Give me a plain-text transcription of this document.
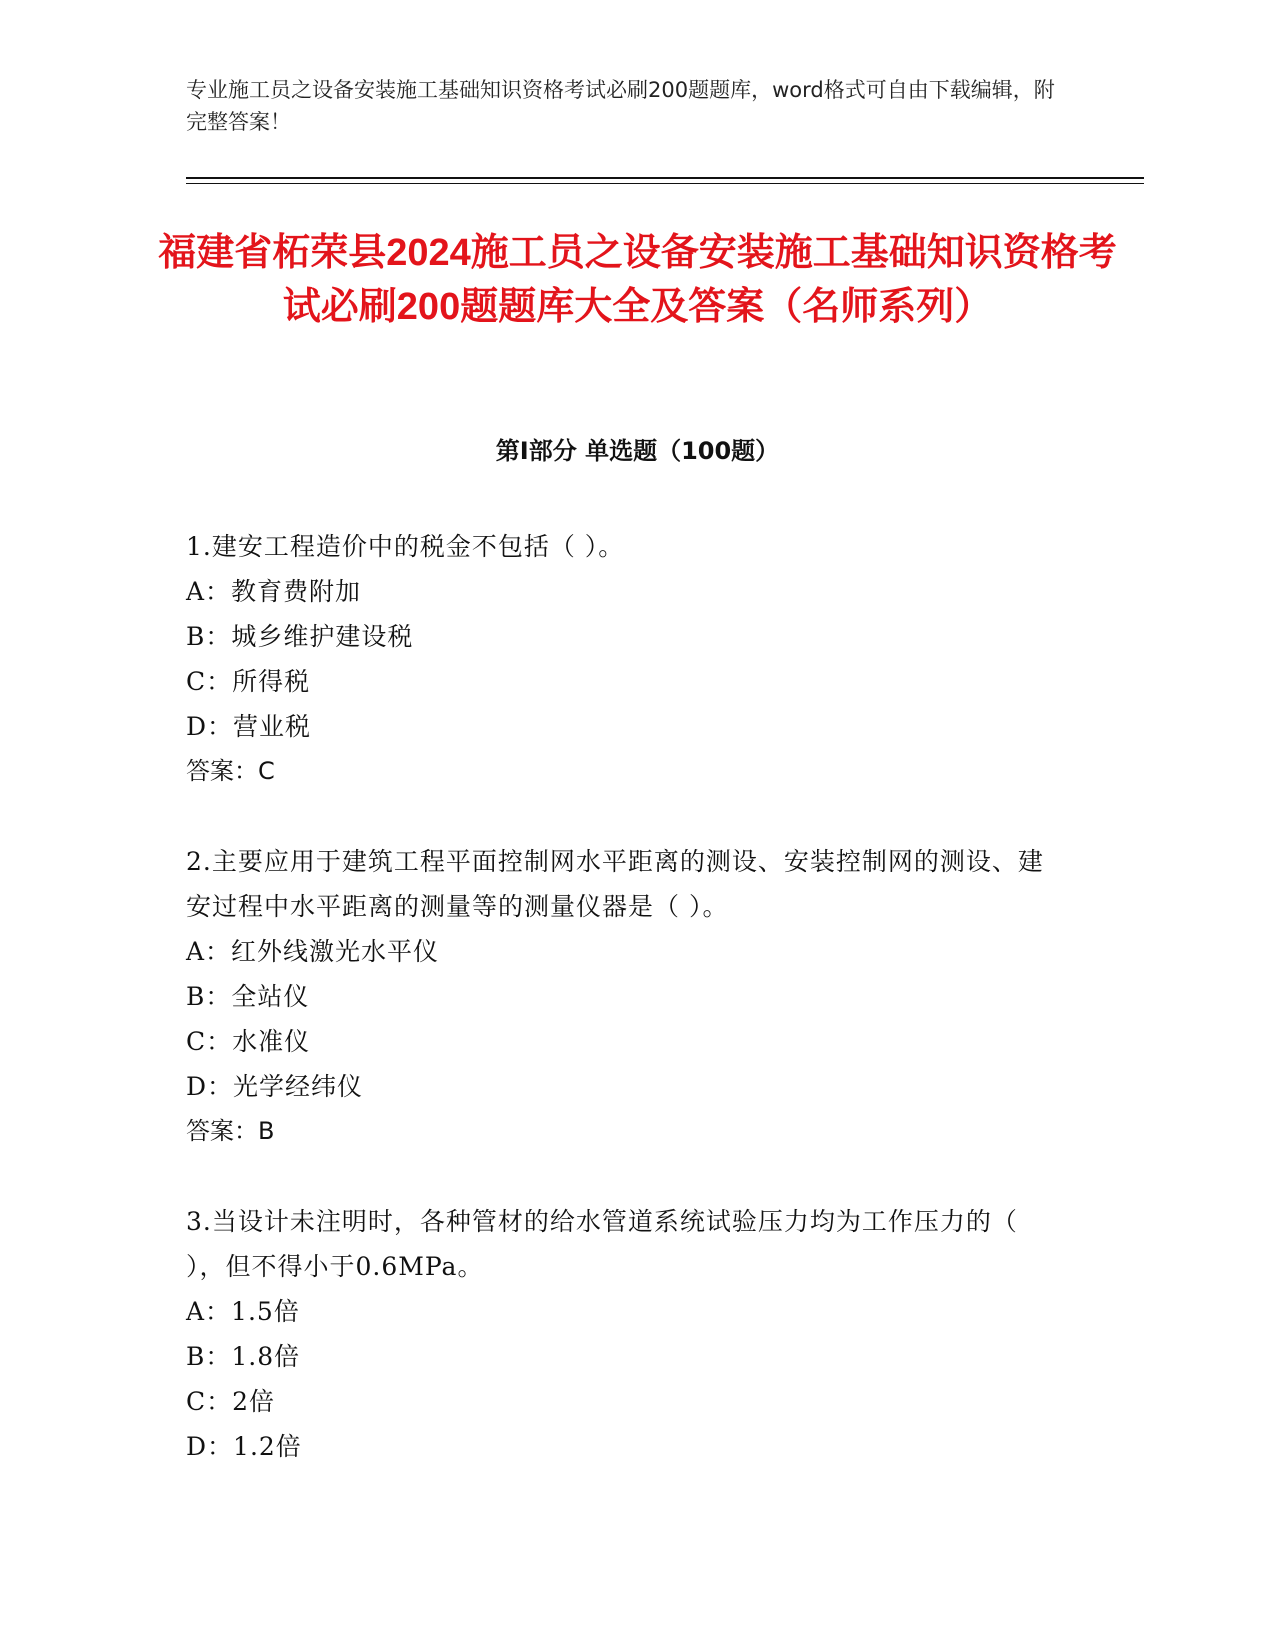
专业施工员之设备安装施工基础知识资格考试必刷200题题库，word格式可自由下载编辑，附完整答案！
福建省柘荣县2024施工员之设备安装施工基础知识资格考试必刷200题题库大全及答案（名师系列）
第Ⅰ部分 单选题（100题）
1.建安工程造价中的税金不包括（ ）。
A：教育费附加
B：城乡维护建设税
C：所得税
D：营业税
答案：C
2.主要应用于建筑工程平面控制网水平距离的测设、安装控制网的测设、建安过程中水平距离的测量等的测量仪器是（ ）。
A：红外线激光水平仪
B：全站仪
C：水准仪
D：光学经纬仪
答案：B
3.当设计未注明时，各种管材的给水管道系统试验压力均为工作压力的（ ），但不得小于0.6MPa。
A：1.5倍
B：1.8倍
C：2倍
D：1.2倍
